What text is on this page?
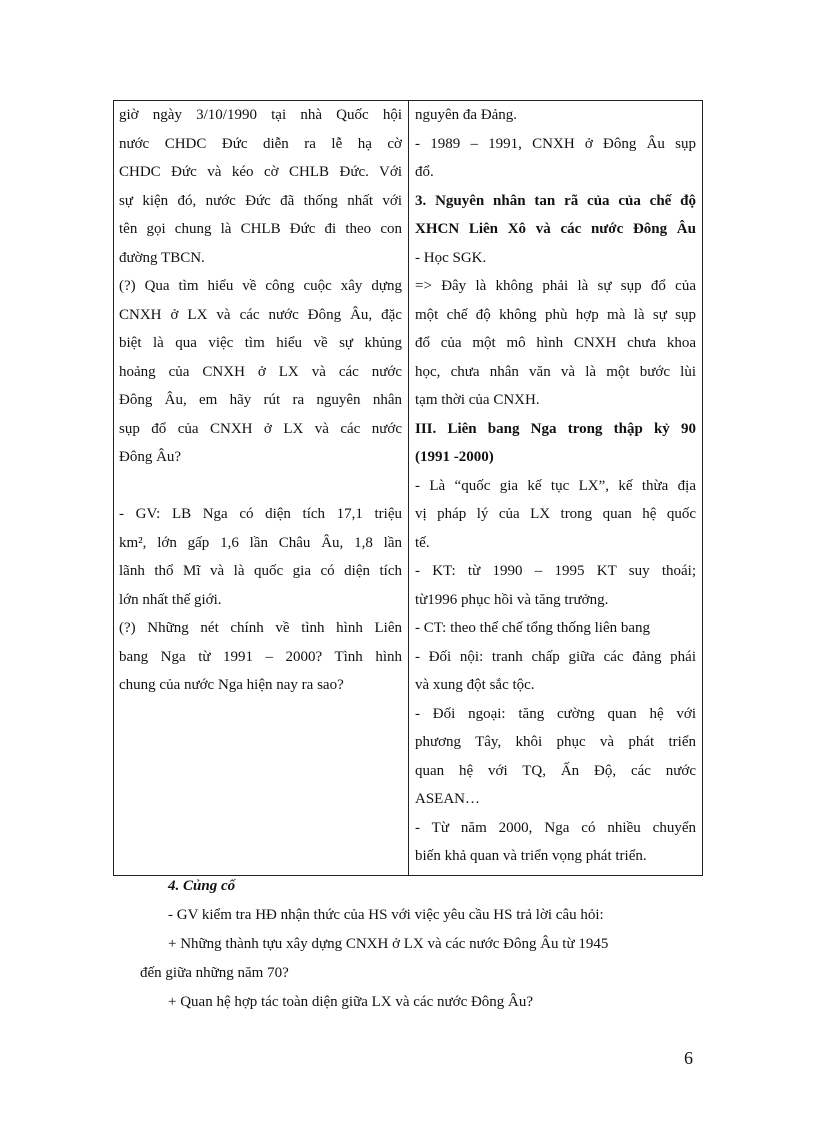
giờ ngày 3/10/1990 tại nhà Quốc hội
nước CHDC Đức diễn ra lễ hạ cờ
CHDC Đức và kéo cờ CHLB Đức. Với
sự kiện đó, nước Đức đã thống nhất với
tên gọi chung là CHLB Đức đi theo con
đường TBCN.
(?) Qua tìm hiểu về công cuộc xây dựng
CNXH ở LX và các nước Đông Âu, đặc
biệt là qua việc tìm hiểu về sự khủng
hoảng của CNXH ở LX và các nước
Đông Âu, em hãy rút ra nguyên nhân
sụp đổ của CNXH ở LX và các nước
Đông Âu?
- GV: LB Nga có diện tích 17,1 triệu
km², lớn gấp 1,6 lần Châu Âu, 1,8 lần
lãnh thổ Mĩ và là quốc gia có diện tích
lớn nhất thế giới.
(?) Những nét chính về tình hình Liên
bang Nga từ 1991 – 2000? Tình hình
chung của nước Nga hiện nay ra sao?
nguyên đa Đảng.
- 1989 – 1991, CNXH ở Đông Âu sụp
đổ.
3. Nguyên nhân tan rã của của chế độ
XHCN Liên Xô và các nước Đông Âu
- Học SGK.
=> Đây là không phải là sự sụp đổ của
một chế độ không phù hợp mà là sự sụp
đổ của một mô hình CNXH chưa khoa
học, chưa nhân văn và là một bước lùi
tạm thời của CNXH.
III. Liên bang Nga trong thập kỷ 90
(1991 -2000)
- Là “quốc gia kế tục LX”, kế thừa địa
vị pháp lý của LX trong quan hệ quốc
tế.
- KT: từ 1990 – 1995 KT suy thoái;
từ1996 phục hồi và tăng trưởng.
- CT: theo thể chế tổng thống liên bang
- Đối nội: tranh chấp giữa các đảng phái
và xung đột sắc tộc.
- Đối ngoại: tăng cường quan hệ với
phương Tây, khôi phục và phát triển
quan hệ với TQ, Ấn Độ, các nước
ASEAN…
- Từ năm 2000, Nga có nhiều chuyển
biến khả quan và triển vọng phát triển.
4. Củng cố
- GV kiểm tra HĐ nhận thức của HS với việc yêu cầu HS trả lời câu hỏi:
+ Những thành tựu xây dựng CNXH ở LX và các nước Đông Âu từ 1945
đến giữa những năm 70?
+ Quan hệ hợp tác toàn diện giữa LX và các nước Đông Âu?
6
